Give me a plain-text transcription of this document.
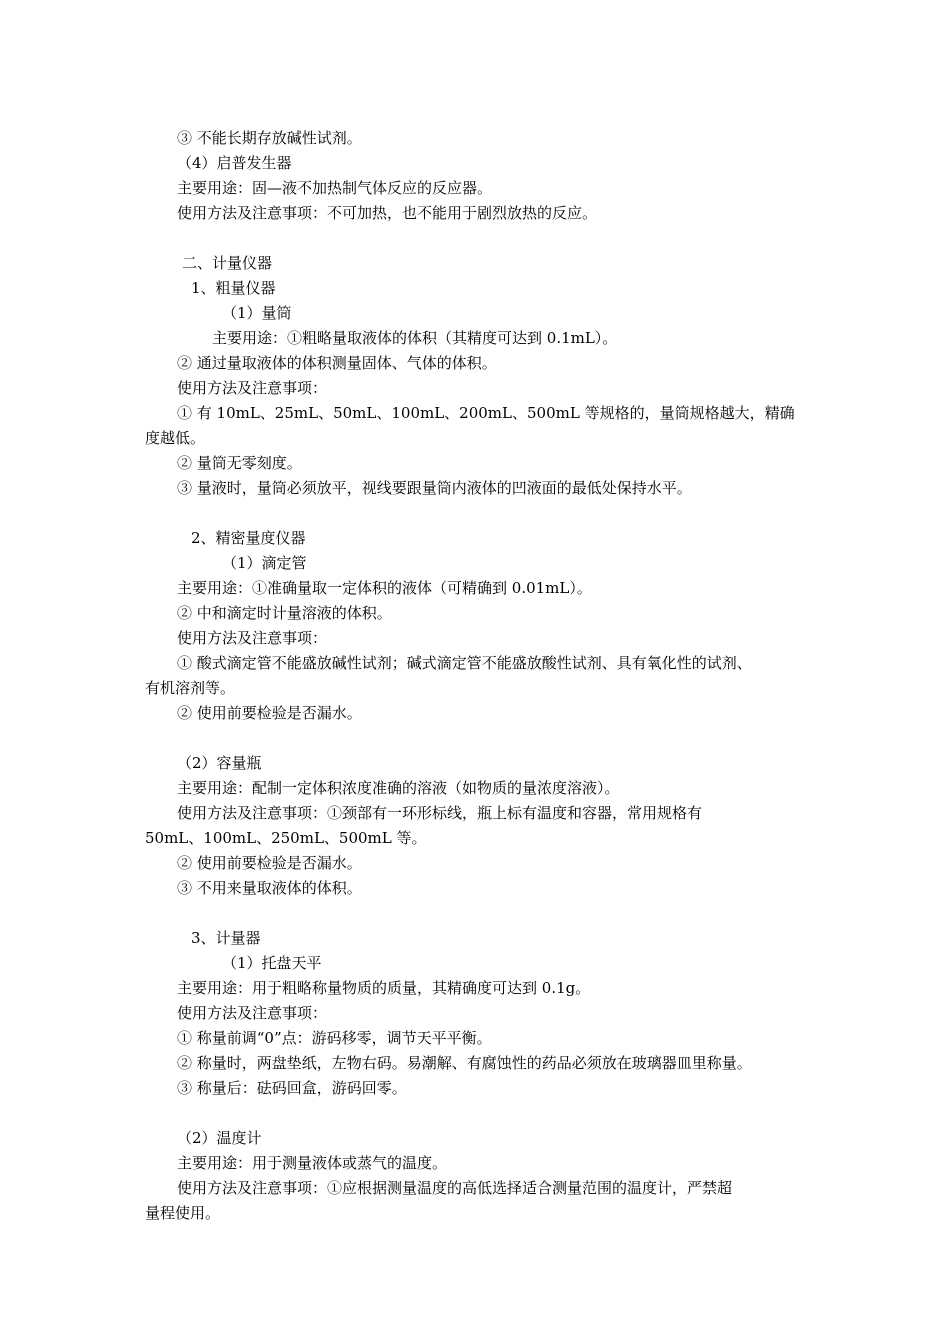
③ 不能长期存放碱性试剂。
（4）启普发生器
主要用途：固—液不加热制气体反应的反应器。
使用方法及注意事项：不可加热，也不能用于剧烈放热的反应。
二、计量仪器
1、粗量仪器
（1）量筒
主要用途：①粗略量取液体的体积（其精度可达到 0.1mL）。
② 通过量取液体的体积测量固体、气体的体积。
使用方法及注意事项：
① 有 10mL、25mL、50mL、100mL、200mL、500mL 等规格的，量筒规格越大，精确
度越低。
② 量筒无零刻度。
③ 量液时，量筒必须放平，视线要跟量筒内液体的凹液面的最低处保持水平。
2、精密量度仪器
（1）滴定管
主要用途：①准确量取一定体积的液体（可精确到 0.01mL）。
② 中和滴定时计量溶液的体积。
使用方法及注意事项：
① 酸式滴定管不能盛放碱性试剂；碱式滴定管不能盛放酸性试剂、具有氧化性的试剂、
有机溶剂等。
② 使用前要检验是否漏水。
（2）容量瓶
主要用途：配制一定体积浓度准确的溶液（如物质的量浓度溶液）。
使用方法及注意事项：①颈部有一环形标线，瓶上标有温度和容器，常用规格有
50mL、100mL、250mL、500mL 等。
② 使用前要检验是否漏水。
③ 不用来量取液体的体积。
3、计量器
（1）托盘天平
主要用途：用于粗略称量物质的质量，其精确度可达到 0.1g。
使用方法及注意事项：
① 称量前调“0”点：游码移零，调节天平平衡。
② 称量时，两盘垫纸，左物右码。易潮解、有腐蚀性的药品必须放在玻璃器皿里称量。
③ 称量后：砝码回盒，游码回零。
（2）温度计
主要用途：用于测量液体或蒸气的温度。
使用方法及注意事项：①应根据测量温度的高低选择适合测量范围的温度计，严禁超
量程使用。
